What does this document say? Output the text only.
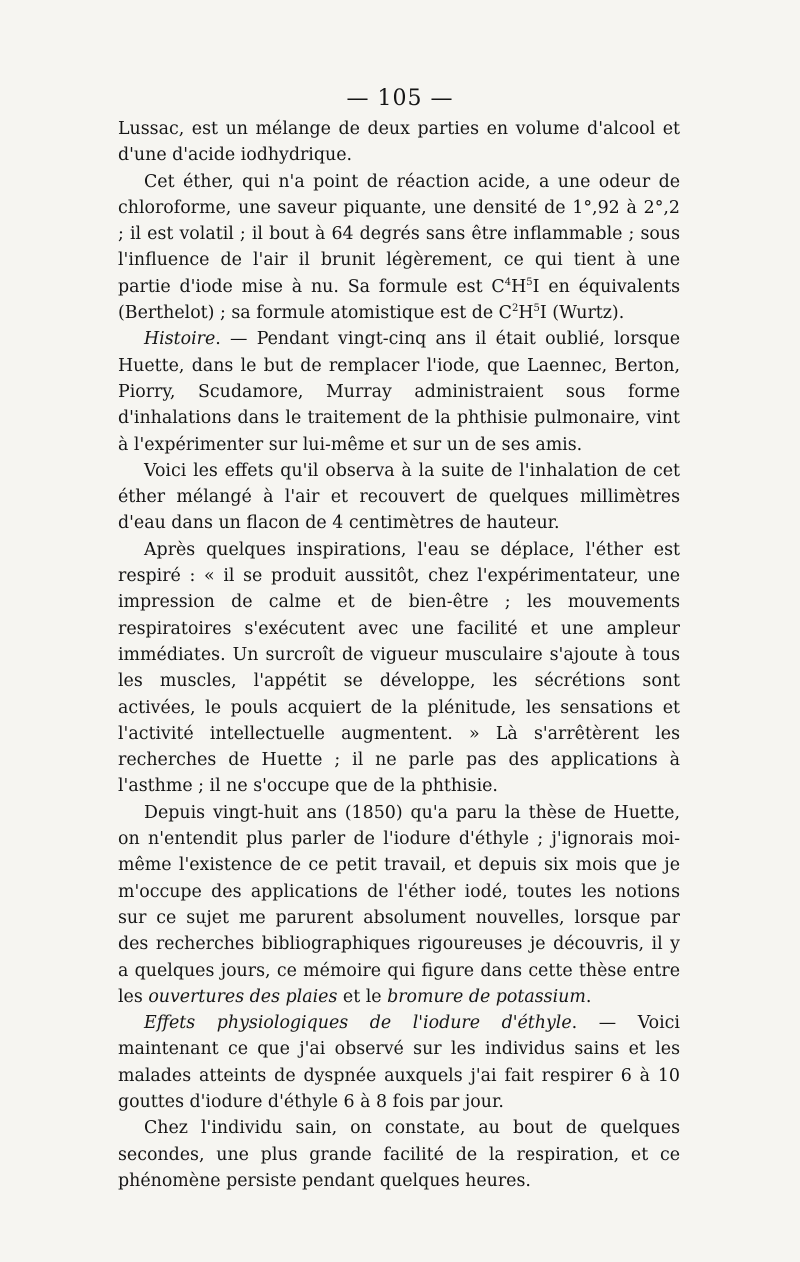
— 105 —

Lussac, est un mélange de deux parties en volume d'alcool et d'une d'acide iodhydrique.

Cet éther, qui n'a point de réaction acide, a une odeur de chloroforme, une saveur piquante, une densité de 1°,92 à 2°,2 ; il est volatil ; il bout à 64 degrés sans être inflammable ; sous l'influence de l'air il brunit légèrement, ce qui tient à une partie d'iode mise à nu. Sa formule est $C^4H^5I$ en équivalents (Berthelot) ; sa formule atomistique est de $C^2H^5I$ (Wurtz).

Histoire. — Pendant vingt-cinq ans il était oublié, lorsque Huette, dans le but de remplacer l'iode, que Laennec, Berton, Piorry, Scudamore, Murray administraient sous forme d'inhalations dans le traitement de la phthisie pulmonaire, vint à l'expérimenter sur lui-même et sur un de ses amis.

Voici les effets qu'il observa à la suite de l'inhalation de cet éther mélangé à l'air et recouvert de quelques millimètres d'eau dans un flacon de 4 centimètres de hauteur.

Après quelques inspirations, l'eau se déplace, l'éther est respiré : « il se produit aussitôt, chez l'expérimentateur, une impression de calme et de bien-être ; les mouvements respiratoires s'exécutent avec une facilité et une ampleur immédiates. Un surcroît de vigueur musculaire s'ajoute à tous les muscles, l'appétit se développe, les sécrétions sont activées, le pouls acquiert de la plénitude, les sensations et l'activité intellectuelle augmentent. » Là s'arrêtèrent les recherches de Huette ; il ne parle pas des applications à l'asthme ; il ne s'occupe que de la phthisie.

Depuis vingt-huit ans (1850) qu'a paru la thèse de Huette, on n'entendit plus parler de l'iodure d'éthyle ; j'ignorais moi-même l'existence de ce petit travail, et depuis six mois que je m'occupe des applications de l'éther iodé, toutes les notions sur ce sujet me parurent absolument nouvelles, lorsque par des recherches bibliographiques rigoureuses je découvris, il y a quelques jours, ce mémoire qui figure dans cette thèse entre les ouvertures des plaies et le bromure de potassium.

Effets physiologiques de l'iodure d'éthyle. — Voici maintenant ce que j'ai observé sur les individus sains et les malades atteints de dyspnée auxquels j'ai fait respirer 6 à 10 gouttes d'iodure d'éthyle 6 à 8 fois par jour.

Chez l'individu sain, on constate, au bout de quelques secondes, une plus grande facilité de la respiration, et ce phénomène persiste pendant quelques heures.
